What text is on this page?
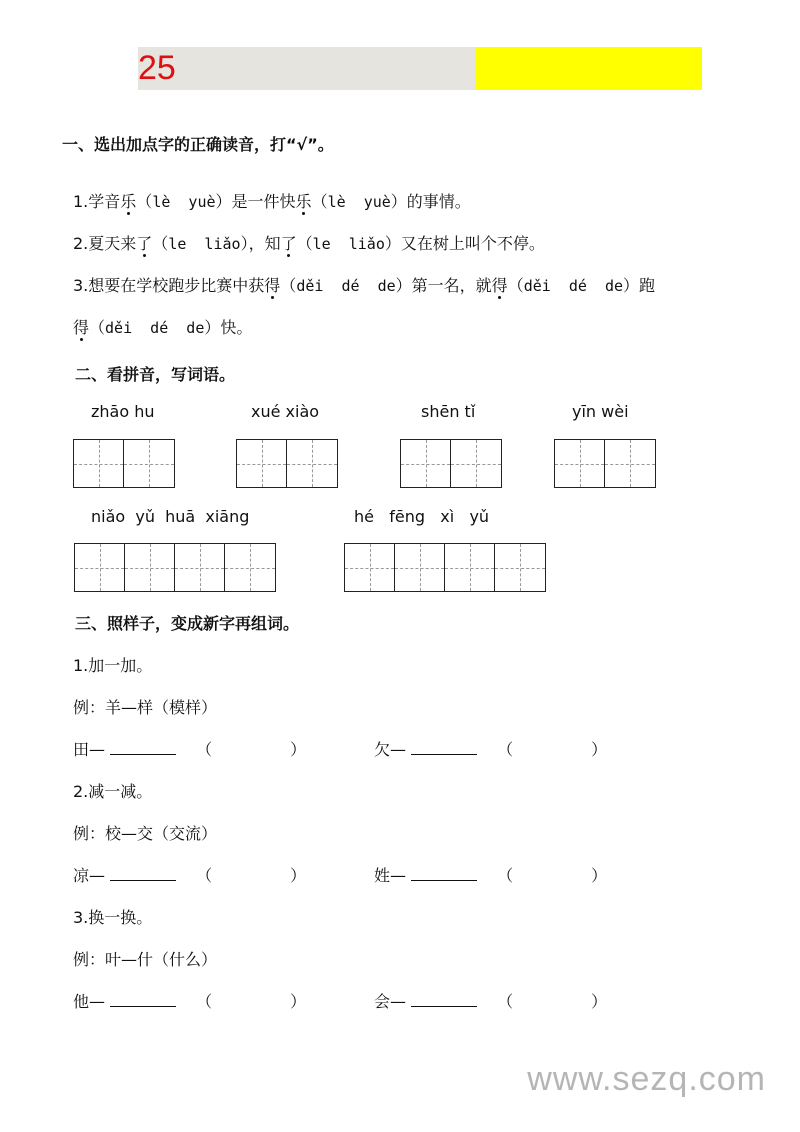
25
一、选出加点字的正确读音，打“√”。
1.学音乐（lè  yuè）是一件快乐（lè  yuè）的事情。
2.夏天来了（le  liǎo），知了（le  liǎo）又在树上叫个不停。
3.想要在学校跑步比赛中获得（děi  dé  de）第一名，就得（děi  dé  de）跑
得（děi  dé  de）快。
二、看拼音，写词语。
zhāo hu	xué xiào	shēn tǐ	yīn wèi
niǎo  yǔ  huā  xiāng	hé   fēng   xì   yǔ
三、照样子，变成新字再组词。
1.加一加。
例：羊—样（模样）
田—	（	）	欠—	（	）
2.减一减。
例：校—交（交流）
凉—	（	）	姓—	（	）
3.换一换。
例：叶—什（什么）
他—	（	）	会—	（	）
www.sezq.com
